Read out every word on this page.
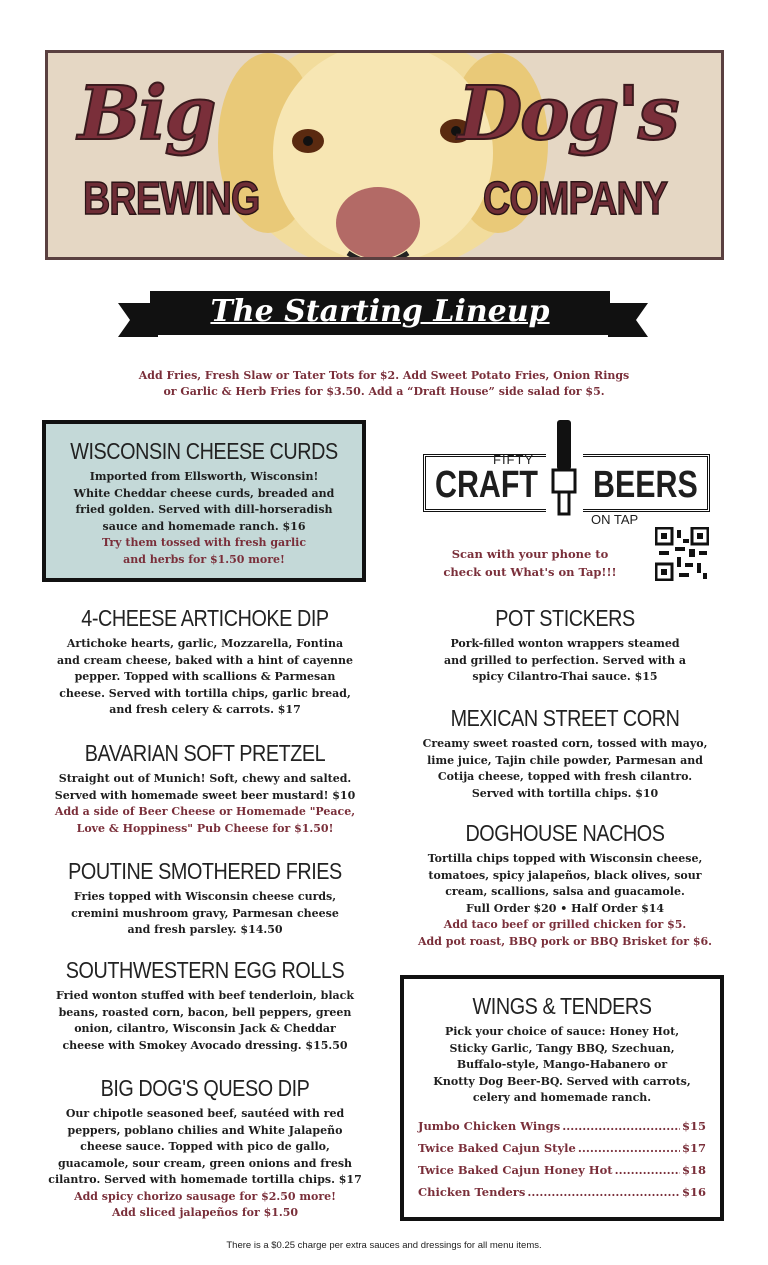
Big	Dog's
BREWING	COMPANY
The Starting Lineup
Add Fries, Fresh Slaw or Tater Tots for $2. Add Sweet Potato Fries, Onion Rings
or Garlic & Herb Fries for $3.50. Add a “Draft House” side salad for $5.
WISCONSIN CHEESE CURDS
Imported from Ellsworth, Wisconsin!
White Cheddar cheese curds, breaded and
fried golden. Served with dill-horseradish
sauce and homemade ranch. $16
Try them tossed with fresh garlic
and herbs for $1.50 more!
4-CHEESE ARTICHOKE DIP
Artichoke hearts, garlic, Mozzarella, Fontina
and cream cheese, baked with a hint of cayenne
pepper. Topped with scallions & Parmesan
cheese. Served with tortilla chips, garlic bread,
and fresh celery & carrots. $17
BAVARIAN SOFT PRETZEL
Straight out of Munich! Soft, chewy and salted.
Served with homemade sweet beer mustard! $10
Add a side of Beer Cheese or Homemade "Peace,
Love & Hoppiness" Pub Cheese for $1.50!
POUTINE SMOTHERED FRIES
Fries topped with Wisconsin cheese curds,
cremini mushroom gravy, Parmesan cheese
and fresh parsley. $14.50
SOUTHWESTERN EGG ROLLS
Fried wonton stuffed with beef tenderloin, black
beans, roasted corn, bacon, bell peppers, green
onion, cilantro, Wisconsin Jack & Cheddar
cheese with Smokey Avocado dressing. $15.50
BIG DOG'S QUESO DIP
Our chipotle seasoned beef, sautéed with red
peppers, poblano chilies and White Jalapeño
cheese sauce. Topped with pico de gallo,
guacamole, sour cream, green onions and fresh
cilantro. Served with homemade tortilla chips. $17
Add spicy chorizo sausage for $2.50 more!
Add sliced jalapeños for $1.50
FIFTY
CRAFT BEERS
ON TAP
Scan with your phone to
check out What's on Tap!!!
POT STICKERS
Pork-filled wonton wrappers steamed
and grilled to perfection. Served with a
spicy Cilantro-Thai sauce. $15
MEXICAN STREET CORN
Creamy sweet roasted corn, tossed with mayo,
lime juice, Tajin chile powder, Parmesan and
Cotija cheese, topped with fresh cilantro.
Served with tortilla chips. $10
DOGHOUSE NACHOS
Tortilla chips topped with Wisconsin cheese,
tomatoes, spicy jalapeños, black olives, sour
cream, scallions, salsa and guacamole.
Full Order $20 • Half Order $14
Add taco beef or grilled chicken for $5.
Add pot roast, BBQ pork or BBQ Brisket for $6.
WINGS & TENDERS
Pick your choice of sauce: Honey Hot,
Sticky Garlic, Tangy BBQ, Szechuan,
Buffalo-style, Mango-Habanero or
Knotty Dog Beer-BQ. Served with carrots,
celery and homemade ranch.
Jumbo Chicken Wings .....	$15
Twice Baked Cajun Style .....	$17
Twice Baked Cajun Honey Hot .....	$18
Chicken Tenders .....	$16
There is a $0.25 charge per extra sauces and dressings for all menu items.
